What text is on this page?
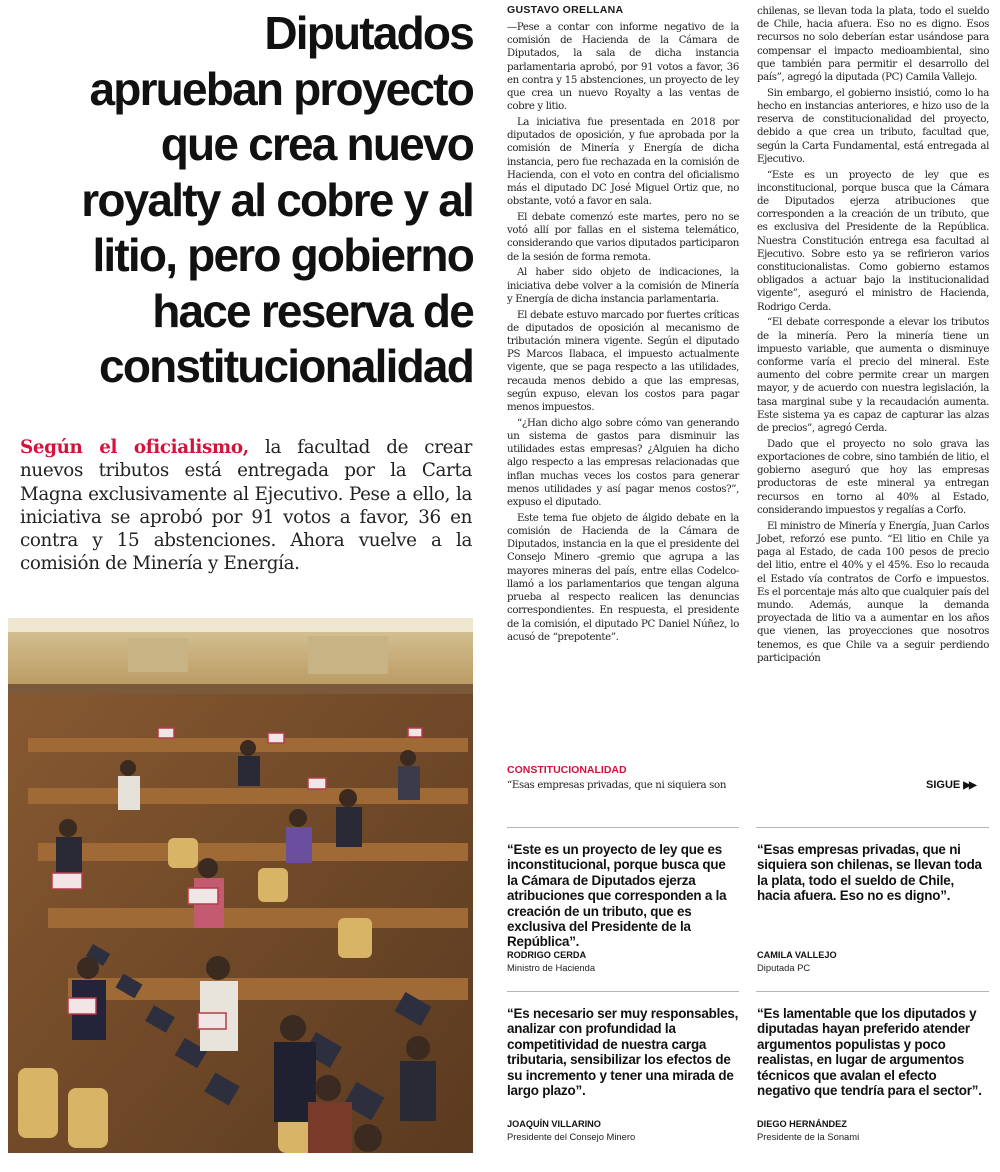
Diputados
aprueban proyecto
que crea nuevo
royalty al cobre y al
litio, pero gobierno
hace reserva de
constitucionalidad

Según el oficialismo, la facultad de crear nuevos tributos está entregada por la Carta Magna exclusivamente al Ejecutivo. Pese a ello, la iniciativa se aprobó por 91 votos a favor, 36 en contra y 15 abstenciones. Ahora vuelve a la comisión de Minería y Energía.

GUSTAVO ORELLANA

—Pese a contar con informe negativo de la comisión de Hacienda de la Cámara de Diputados, la sala de dicha instancia parlamentaria aprobó, por 91 votos a favor, 36 en contra y 15 abstenciones, un proyecto de ley que crea un nuevo Royalty a las ventas de cobre y litio.

La iniciativa fue presentada en 2018 por diputados de oposición, y fue aprobada por la comisión de Minería y Energía de dicha instancia, pero fue rechazada en la comisión de Hacienda, con el voto en contra del oficialismo más el diputado DC José Miguel Ortiz que, no obstante, votó a favor en sala.

El debate comenzó este martes, pero no se votó allí por fallas en el sistema telemático, considerando que varios diputados participaron de la sesión de forma remota.

Al haber sido objeto de indicaciones, la iniciativa debe volver a la comisión de Minería y Energía de dicha instancia parlamentaria.

El debate estuvo marcado por fuertes críticas de diputados de oposición al mecanismo de tributación minera vigente. Según el diputado PS Marcos Ilabaca, el impuesto actualmente vigente, que se paga respecto a las utilidades, recauda menos debido a que las empresas, según expuso, elevan los costos para pagar menos impuestos.

“¿Han dicho algo sobre cómo van generando un sistema de gastos para disminuir las utilidades estas empresas? ¿Alguien ha dicho algo respecto a las empresas relacionadas que inflan muchas veces los costos para generar menos utilidades y así pagar menos costos?”, expuso el diputado.

Este tema fue objeto de álgido debate en la comisión de Hacienda de la Cámara de Diputados, instancia en la que el presidente del Consejo Minero -gremio que agrupa a las mayores mineras del país, entre ellas Codelco- llamó a los parlamentarios que tengan alguna prueba al respecto realicen las denuncias correspondientes. En respuesta, el presidente de la comisión, el diputado PC Daniel Núñez, lo acusó de “prepotente”.

CONSTITUCIONALIDAD

“Esas empresas privadas, que ni siquiera son

chilenas, se llevan toda la plata, todo el sueldo de Chile, hacia afuera. Eso no es digno. Esos recursos no solo deberían estar usándose para compensar el impacto medioambiental, sino que también para permitir el desarrollo del país”, agregó la diputada (PC) Camila Vallejo.

Sin embargo, el gobierno insistió, como lo ha hecho en instancias anteriores, e hizo uso de la reserva de constitucionalidad del proyecto, debido a que crea un tributo, facultad que, según la Carta Fundamental, está entregada al Ejecutivo.

“Este es un proyecto de ley que es inconstitucional, porque busca que la Cámara de Diputados ejerza atribuciones que corresponden a la creación de un tributo, que es exclusiva del Presidente de la República. Nuestra Constitución entrega esa facultad al Ejecutivo. Sobre esto ya se refirieron varios constitucionalistas. Como gobierno estamos obligados a actuar bajo la institucionalidad vigente”, aseguró el ministro de Hacienda, Rodrigo Cerda.

“El debate corresponde a elevar los tributos de la minería. Pero la minería tiene un impuesto variable, que aumenta o disminuye conforme varía el precio del mineral. Este aumento del cobre permite crear un margen mayor, y de acuerdo con nuestra legislación, la tasa marginal sube y la recaudación aumenta. Este sistema ya es capaz de capturar las alzas de precios”, agregó Cerda.

Dado que el proyecto no solo grava las exportaciones de cobre, sino también de litio, el gobierno aseguró que hoy las empresas productoras de este mineral ya entregan recursos en torno al 40% al Estado, considerando impuestos y regalías a Corfo.

El ministro de Minería y Energía, Juan Carlos Jobet, reforzó ese punto. “El litio en Chile ya paga al Estado, de cada 100 pesos de precio del litio, entre el 40% y el 45%. Eso lo recauda el Estado vía contratos de Corfo e impuestos. Es el porcentaje más alto que cualquier país del mundo. Además, aunque la demanda proyectada de litio va a aumentar en los años que vienen, las proyecciones que nosotros tenemos, es que Chile va a seguir perdiendo participación

SIGUE ▶▶

“Este es un proyecto de ley que es inconstitucional, porque busca que la Cámara de Diputados ejerza atribuciones que corresponden a la creación de un tributo, que es exclusiva del Presidente de la República”.

RODRIGO CERDA

Ministro de Hacienda

“Esas empresas privadas, que ni siquiera son chilenas, se llevan toda la plata, todo el sueldo de Chile, hacia afuera. Eso no es digno”.

CAMILA VALLEJO

Diputada PC

“Es necesario ser muy responsables, analizar con profundidad la competitividad de nuestra carga tributaria, sensibilizar los efectos de su incremento y tener una mirada de largo plazo”.

JOAQUÍN VILLARINO

Presidente del Consejo Minero

“Es lamentable que los diputados y diputadas hayan preferido atender argumentos populistas y poco realistas, en lugar de argumentos técnicos que avalan el efecto negativo que tendría para el sector”.

DIEGO HERNÁNDEZ

Presidente de la Sonami
